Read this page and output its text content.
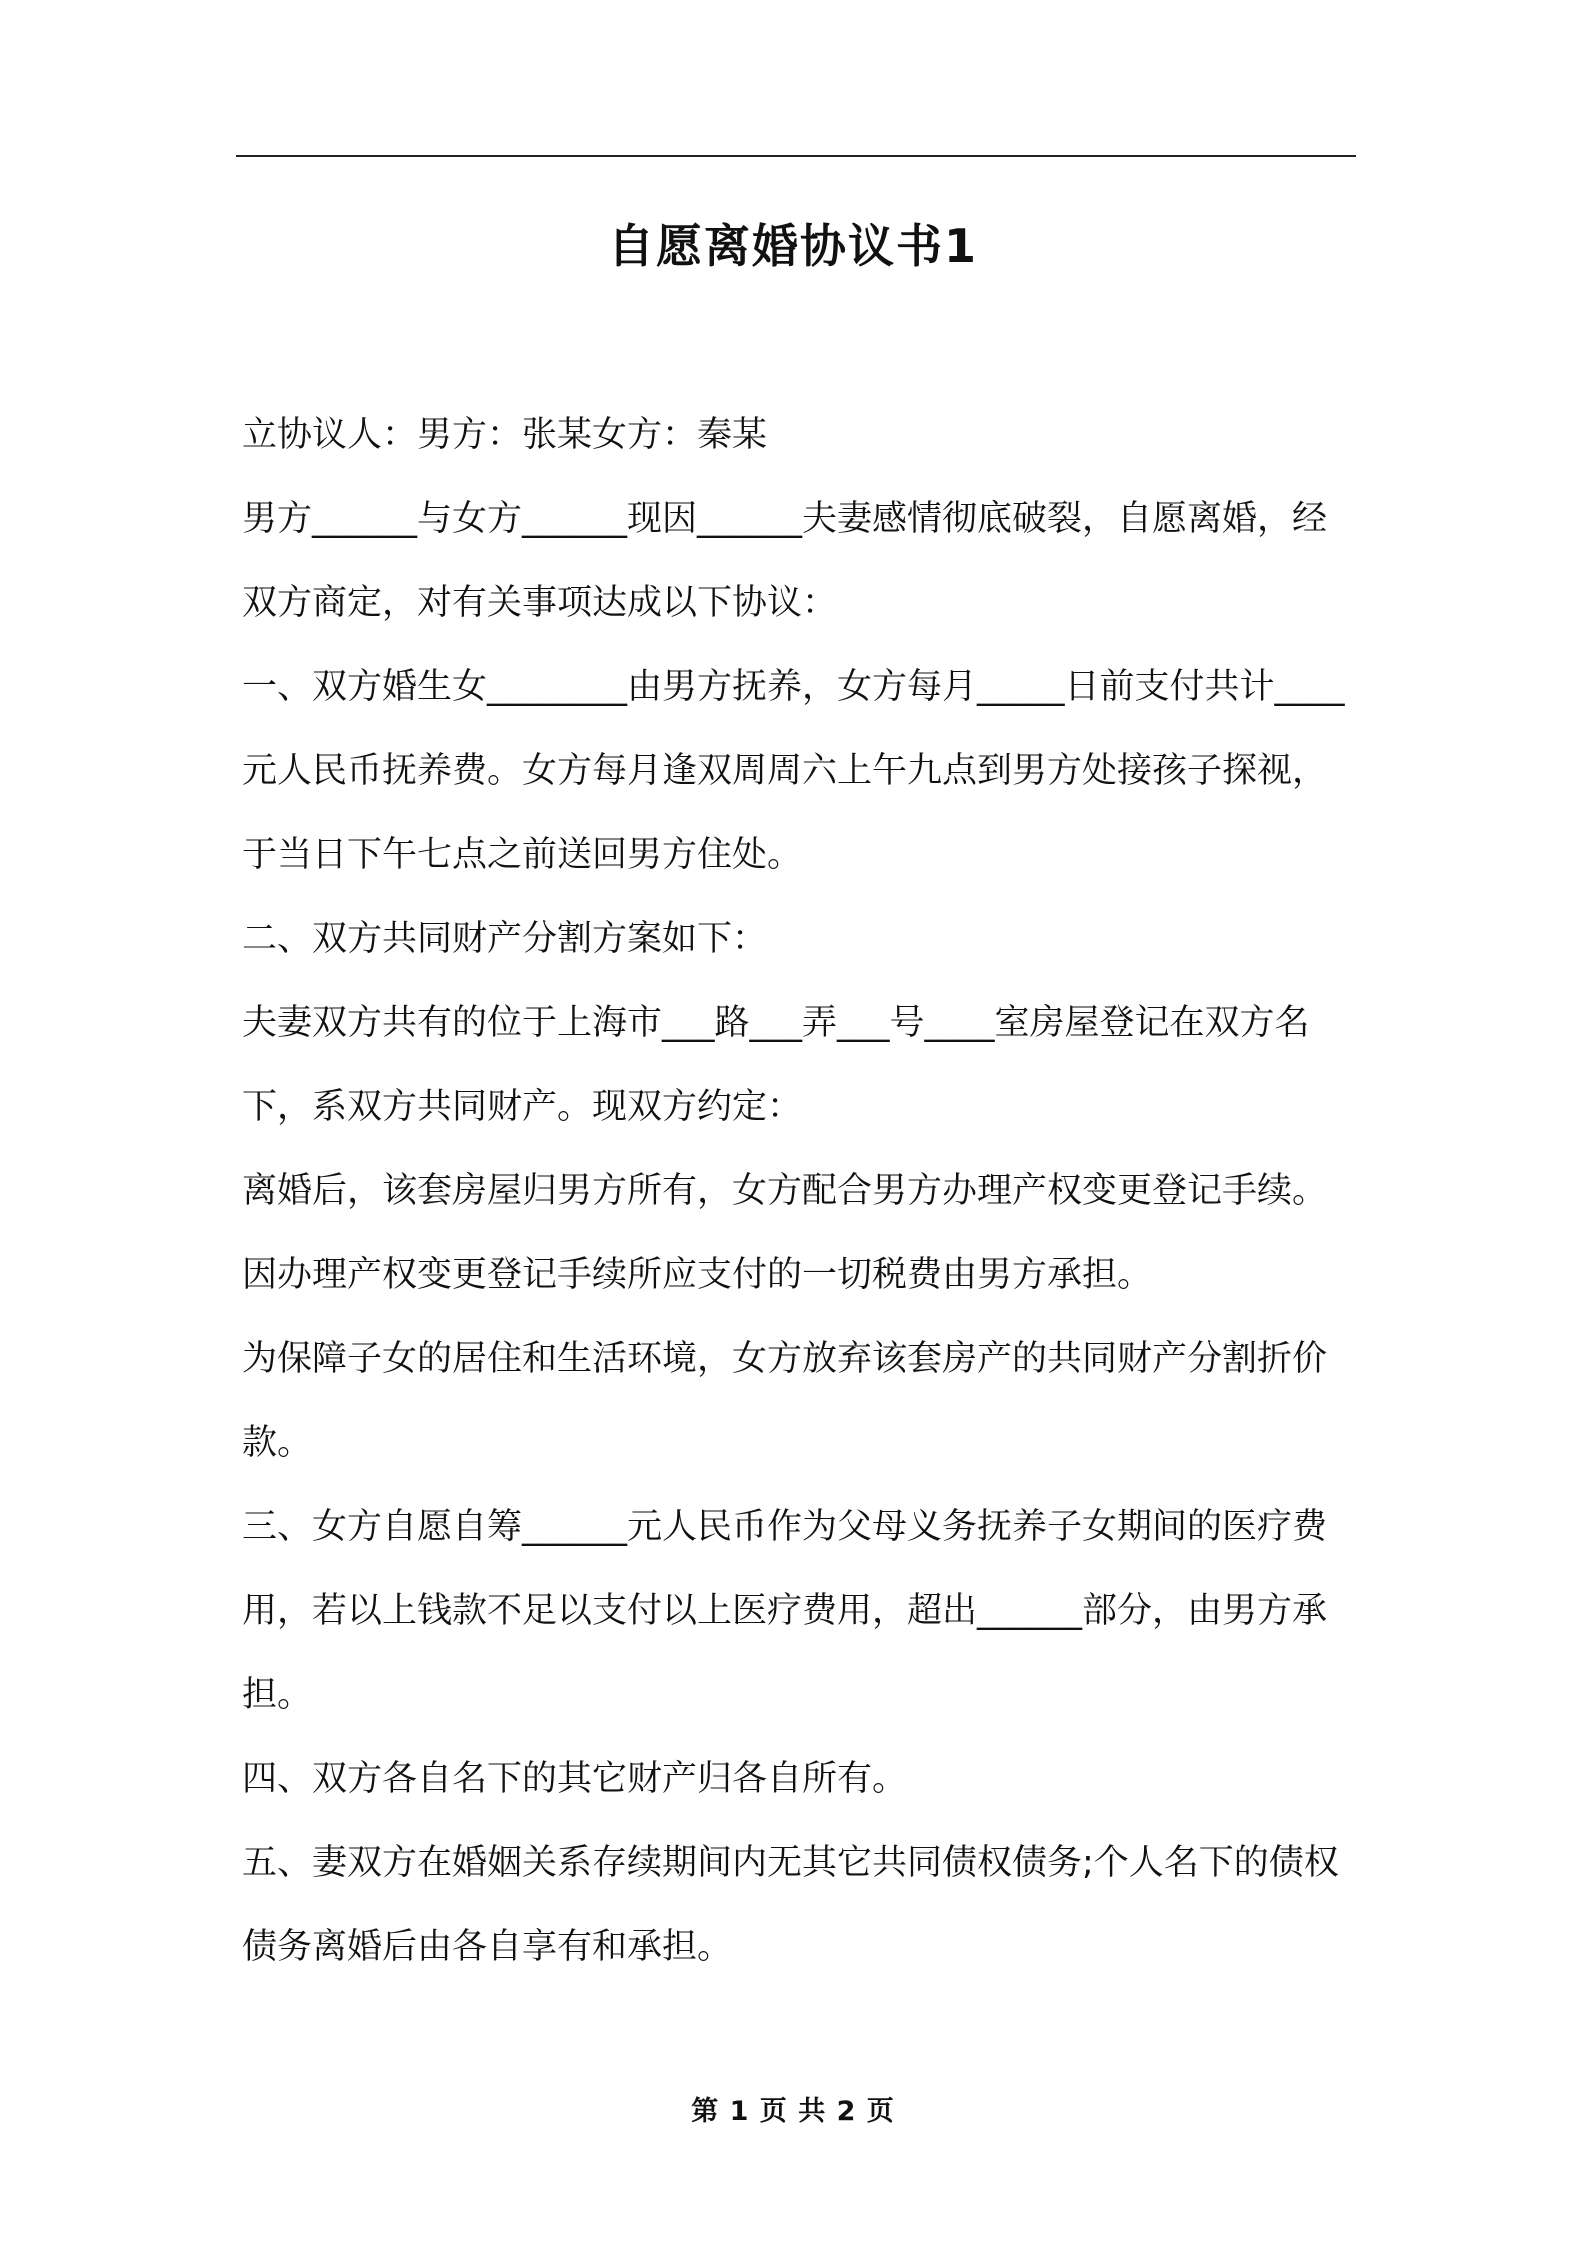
自愿离婚协议书1

立协议人：男方：张某女方：秦某

男方______与女方______现因______夫妻感情彻底破裂，自愿离婚，经双方商定，对有关事项达成以下协议：

一、双方婚生女________由男方抚养，女方每月_____日前支付共计____元人民币抚养费。女方每月逢双周周六上午九点到男方处接孩子探视，于当日下午七点之前送回男方住处。

二、双方共同财产分割方案如下：

夫妻双方共有的位于上海市___路___弄___号____室房屋登记在双方名下，系双方共同财产。现双方约定：

离婚后，该套房屋归男方所有，女方配合男方办理产权变更登记手续。

因办理产权变更登记手续所应支付的一切税费由男方承担。

为保障子女的居住和生活环境，女方放弃该套房产的共同财产分割折价款。

三、女方自愿自筹______元人民币作为父母义务抚养子女期间的医疗费用，若以上钱款不足以支付以上医疗费用，超出______部分，由男方承担。

四、双方各自名下的其它财产归各自所有。

五、妻双方在婚姻关系存续期间内无其它共同债权债务;个人名下的债权债务离婚后由各自享有和承担。

第 1 页 共 2 页
